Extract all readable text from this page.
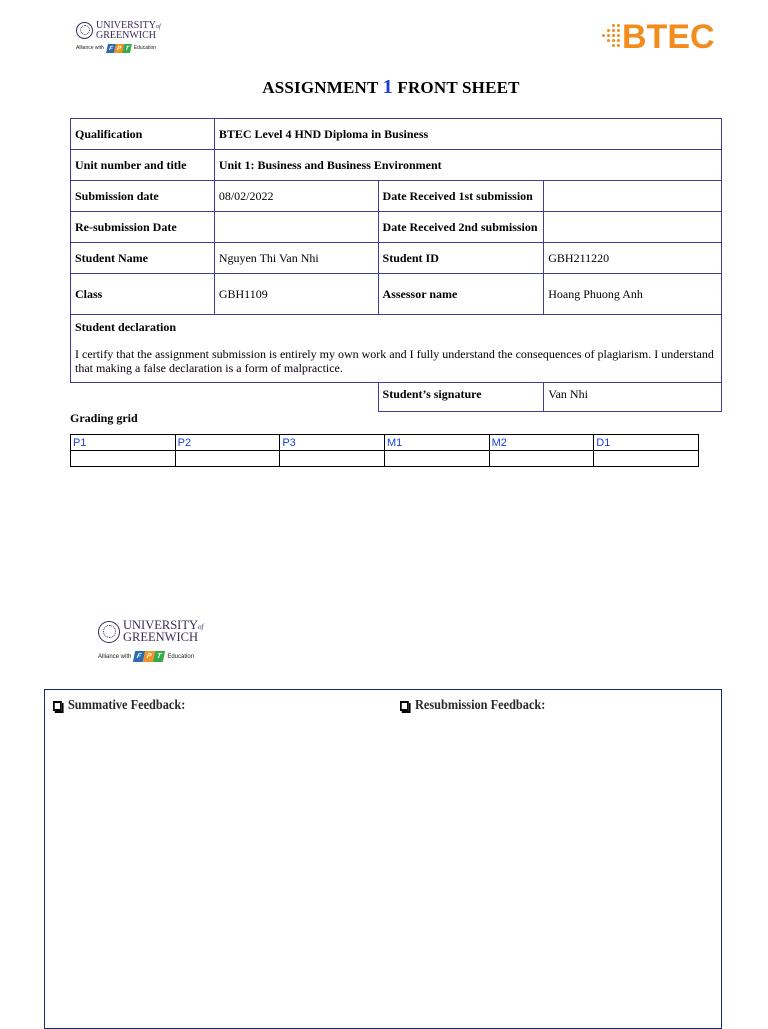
UNIVERSITYof
GREENWICH
Alliance with F P T Education	BTEC
ASSIGNMENT 1 FRONT SHEET
Qualification	BTEC Level 4 HND Diploma in Business		
Unit number and title	Unit 1: Business and Business Environment		
Submission date	08/02/2022	Date Received 1st submission	
Re-submission Date		Date Received 2nd submission	
Student Name	Nguyen Thi Van Nhi	Student ID	GBH211220
Class	GBH1109	Assessor name	Hoang Phuong Anh

Student declaration
I certify that the assignment submission is entirely my own work and I fully understand the consequences of plagiarism. I understand that making a false declaration is a form of malpractice.			

		Student’s signature	Van Nhi
Grading grid
P1	P2	P3	M1	M2	D1

UNIVERSITYof
GREENWICH
Alliance with F P T Education
Summative Feedback:	Resubmission Feedback:
